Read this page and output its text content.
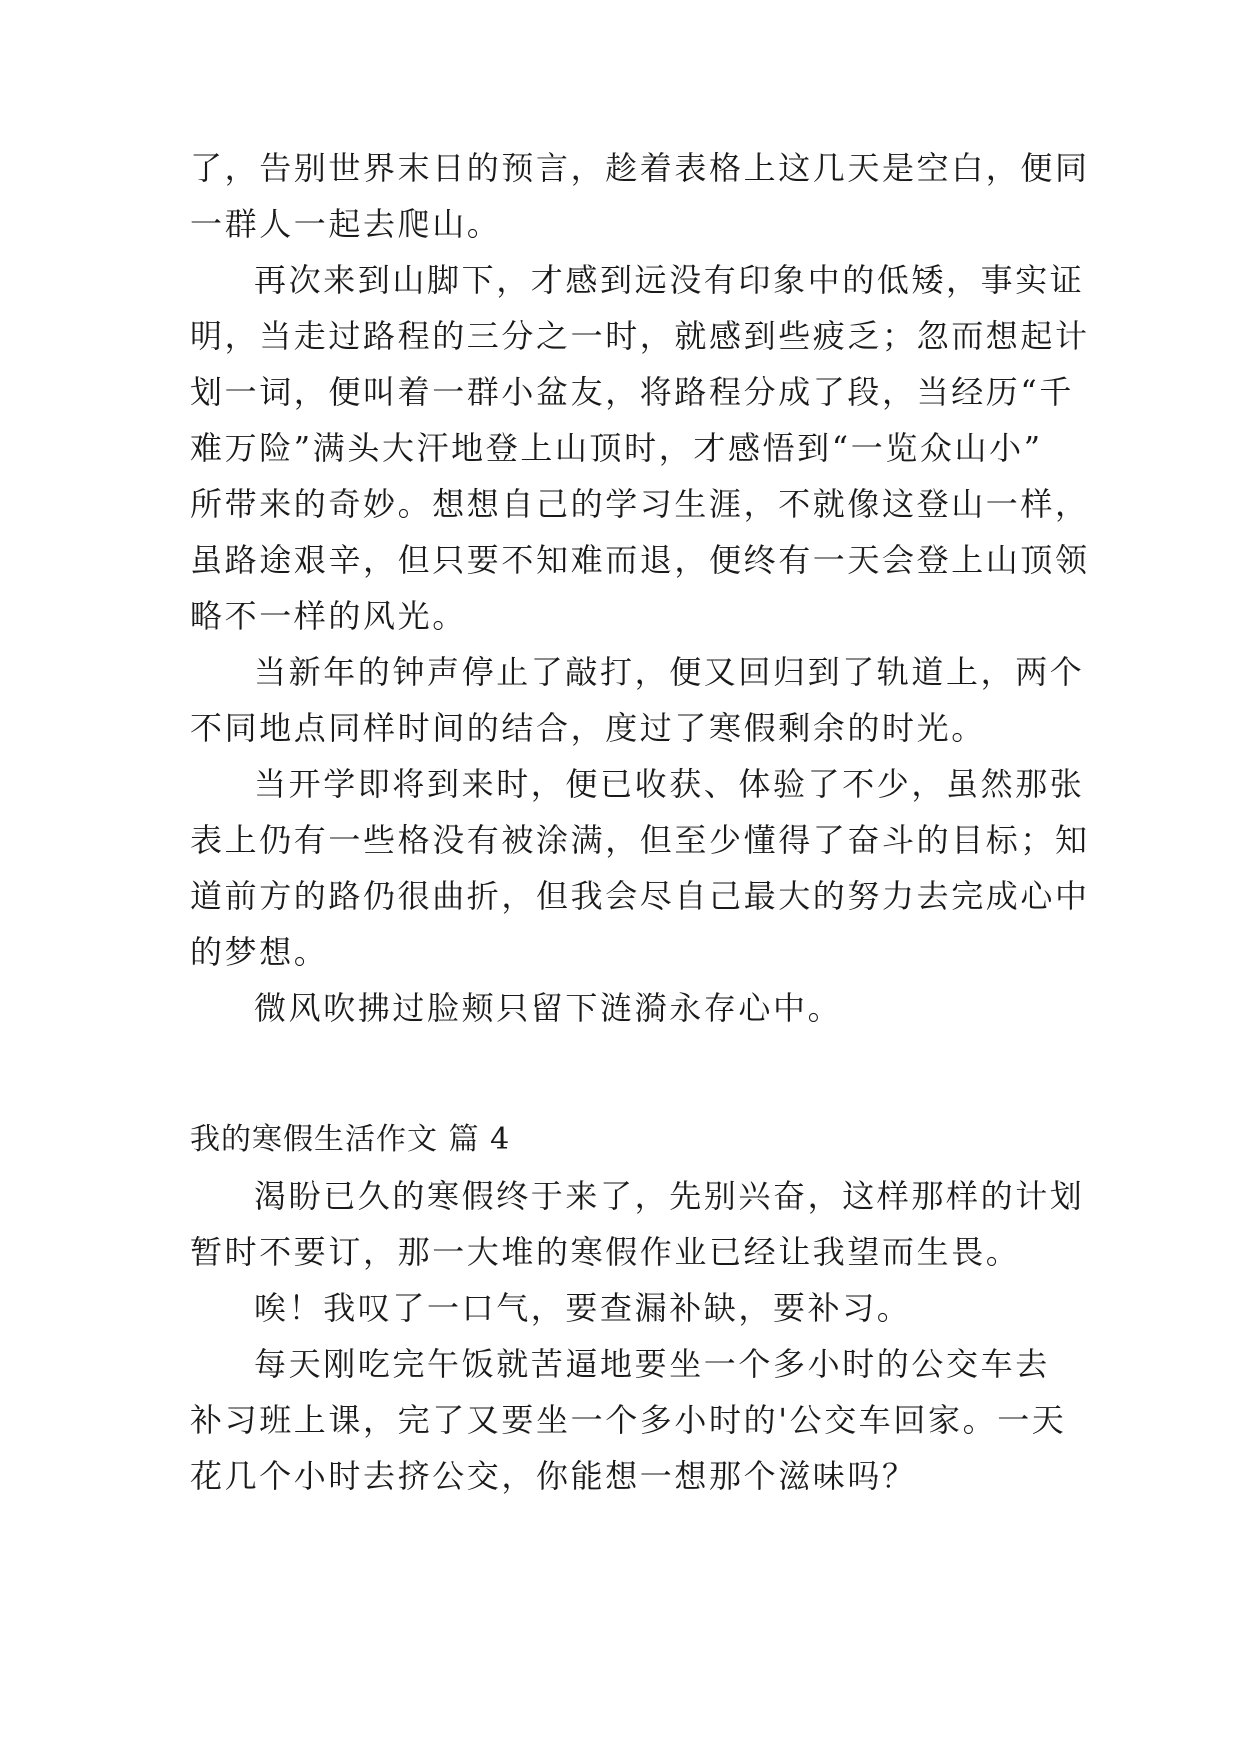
了，告别世界末日的预言，趁着表格上这几天是空白，便同
一群人一起去爬山。
再次来到山脚下，才感到远没有印象中的低矮，事实证
明，当走过路程的三分之一时，就感到些疲乏；忽而想起计
划一词，便叫着一群小盆友，将路程分成了段，当经历“千
难万险”满头大汗地登上山顶时，才感悟到“一览众山小”
所带来的奇妙。想想自己的学习生涯，不就像这登山一样，
虽路途艰辛，但只要不知难而退，便终有一天会登上山顶领
略不一样的风光。
当新年的钟声停止了敲打，便又回归到了轨道上，两个
不同地点同样时间的结合，度过了寒假剩余的时光。
当开学即将到来时，便已收获、体验了不少，虽然那张
表上仍有一些格没有被涂满，但至少懂得了奋斗的目标；知
道前方的路仍很曲折，但我会尽自己最大的努力去完成心中
的梦想。
微风吹拂过脸颊只留下涟漪永存心中。
我的寒假生活作文 篇 4
渴盼已久的寒假终于来了，先别兴奋，这样那样的计划
暂时不要订，那一大堆的寒假作业已经让我望而生畏。
唉！我叹了一口气，要查漏补缺，要补习。
每天刚吃完午饭就苦逼地要坐一个多小时的公交车去
补习班上课，完了又要坐一个多小时的'公交车回家。一天
花几个小时去挤公交，你能想一想那个滋味吗？
